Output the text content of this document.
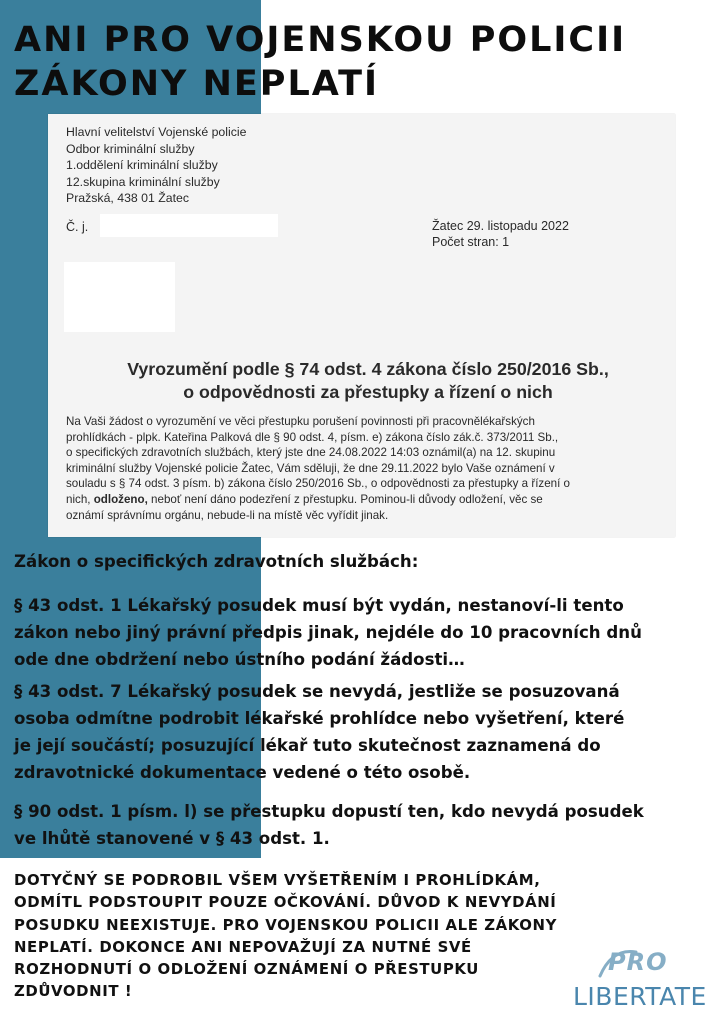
ANI PRO VOJENSKOU POLICII
ZÁKONY NEPLATÍ
Hlavní velitelství Vojenské policie
Odbor kriminální služby
1.oddělení kriminální služby
12.skupina kriminální služby
Pražská, 438 01 Žatec
Č. j.	Žatec 29. listopadu 2022
Počet stran: 1
Vyrozumění podle § 74 odst. 4 zákona číslo 250/2016 Sb.,
o odpovědnosti za přestupky a řízení o nich
Na Vaši žádost o vyrozumění ve věci přestupku porušení povinnosti při pracovnělékařských
prohlídkách - plpk. Kateřina Palková dle § 90 odst. 4, písm. e) zákona číslo zák.č. 373/2011 Sb.,
o specifických zdravotních službách, který jste dne 24.08.2022 14:03 oznámil(a) na 12. skupinu
kriminální služby Vojenské policie Žatec, Vám sděluji, že dne 29.11.2022 bylo Vaše oznámení v
souladu s § 74 odst. 3 písm. b) zákona číslo 250/2016 Sb., o odpovědnosti za přestupky a řízení o
nich, odloženo, neboť není dáno podezření z přestupku. Pominou-li důvody odložení, věc se
oznámí správnímu orgánu, nebude-li na místě věc vyřídit jinak.
Zákon o specifických zdravotních službách:
§ 43 odst. 1 Lékařský posudek musí být vydán, nestanoví-li tento
zákon nebo jiný právní předpis jinak, nejdéle do 10 pracovních dnů
ode dne obdržení nebo ústního podání žádosti…
§ 43 odst. 7 Lékařský posudek se nevydá, jestliže se posuzovaná
osoba odmítne podrobit lékařské prohlídce nebo vyšetření, které
je její součástí; posuzující lékař tuto skutečnost zaznamená do
zdravotnické dokumentace vedené o této osobě.
§ 90 odst. 1 písm. l) se přestupku dopustí ten, kdo nevydá posudek
ve lhůtě stanovené v § 43 odst. 1.
DOTYČNÝ SE PODROBIL VŠEM VYŠETŘENÍM I PROHLÍDKÁM,
ODMÍTL PODSTOUPIT POUZE OČKOVÁNÍ. DŮVOD K NEVYDÁNÍ
POSUDKU NEEXISTUJE. PRO VOJENSKOU POLICII ALE ZÁKONY
NEPLATÍ. DOKONCE ANI NEPOVAŽUJÍ ZA NUTNÉ SVÉ
ROZHODNUTÍ O ODLOŽENÍ OZNÁMENÍ O PŘESTUPKU
ZDŮVODNIT !
PRO
LIBERTATE
